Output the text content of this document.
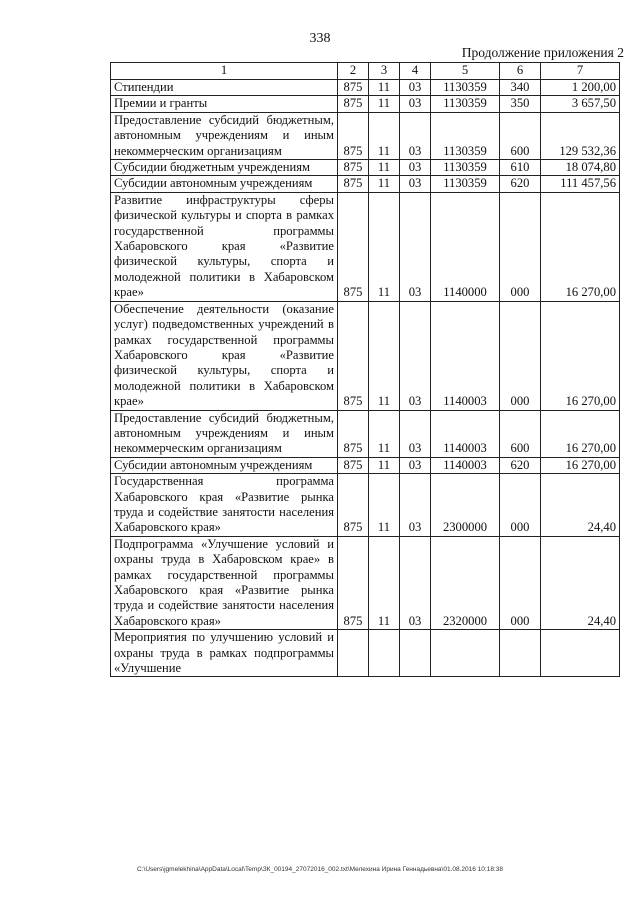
338
Продолжение приложения 2
1	2	3	4	5	6	7
Стипендии	875	11	03	1130359	340	1 200,00
Премии и гранты	875	11	03	1130359	350	3 657,50
Предоставление субсидий бюджетным, автономным учреждениям и иным некоммерческим организациям	875	11	03	1130359	600	129 532,36
Субсидии бюджетным учреждениям	875	11	03	1130359	610	18 074,80
Субсидии автономным учреждениям	875	11	03	1130359	620	111 457,56
Развитие инфраструктуры сферы физической культуры и спорта в рамках государственной программы Хабаровского края «Развитие физической культуры, спорта и молодежной политики в Хабаровском крае»	875	11	03	1140000	000	16 270,00
Обеспечение деятельности (оказание услуг) подведомственных учреждений в рамках государственной программы Хабаровского края «Развитие физической культуры, спорта и молодежной политики в Хабаровском крае»	875	11	03	1140003	000	16 270,00
Предоставление субсидий бюджетным, автономным учреждениям и иным некоммерческим организациям	875	11	03	1140003	600	16 270,00
Субсидии автономным учреждениям	875	11	03	1140003	620	16 270,00
Государственная программа Хабаровского края «Развитие рынка труда и содействие занятости населения Хабаровского края»	875	11	03	2300000	000	24,40
Подпрограмма «Улучшение условий и охраны труда в Хабаровском крае» в рамках государственной программы Хабаровского края «Развитие рынка труда и содействие занятости населения Хабаровского края»	875	11	03	2320000	000	24,40
Мероприятия по улучшению условий и охраны труда в рамках подпрограммы «Улучшение						
C:\Users\jgmelekhina\AppData\Local\Temp\ЗК_00194_27072016_002.txt\Мелехина Ирина Геннадьевна\01.08.2016 10:18:38
